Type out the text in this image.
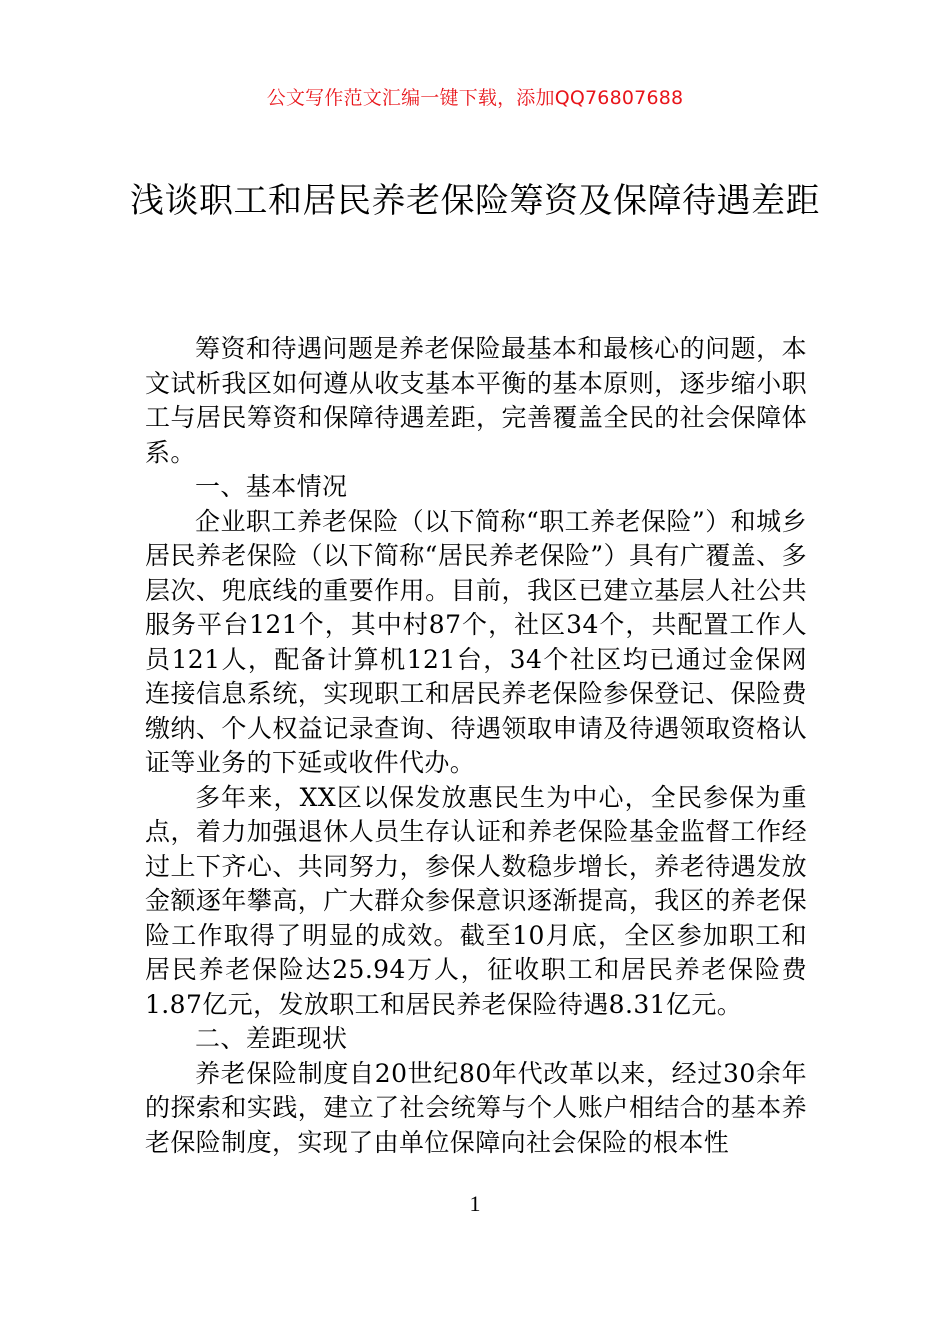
公文写作范文汇编一键下载，添加QQ76807688
浅谈职工和居民养老保险筹资及保障待遇差距

筹资和待遇问题是养老保险最基本和最核心的问题，本文试析我区如何遵从收支基本平衡的基本原则，逐步缩小职工与居民筹资和保障待遇差距，完善覆盖全民的社会保障体系。

一、基本情况

企业职工养老保险（以下简称“职工养老保险”）和城乡居民养老保险（以下简称“居民养老保险”）具有广覆盖、多层次、兜底线的重要作用。目前，我区已建立基层人社公共服务平台121个，其中村87个，社区34个，共配置工作人员121人，配备计算机121台，34个社区均已通过金保网连接信息系统，实现职工和居民养老保险参保登记、保险费缴纳、个人权益记录查询、待遇领取申请及待遇领取资格认证等业务的下延或收件代办。

多年来，XX区以保发放惠民生为中心，全民参保为重点，着力加强退休人员生存认证和养老保险基金监督工作经过上下齐心、共同努力，参保人数稳步增长，养老待遇发放金额逐年攀高，广大群众参保意识逐渐提高，我区的养老保险工作取得了明显的成效。截至10月底，全区参加职工和居民养老保险达25.94万人，征收职工和居民养老保险费1.87亿元，发放职工和居民养老保险待遇8.31亿元。

二、差距现状

养老保险制度自20世纪80年代改革以来，经过30余年的探索和实践，建立了社会统筹与个人账户相结合的基本养老保险制度，实现了由单位保障向社会保险的根本性

1
